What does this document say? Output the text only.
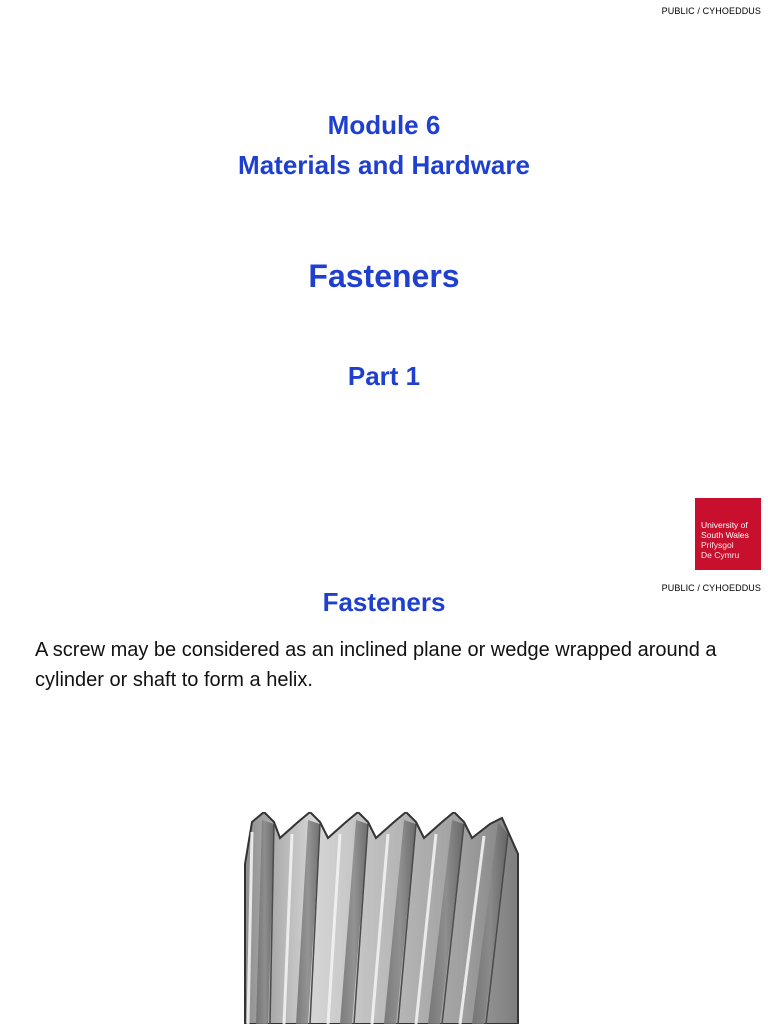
PUBLIC / CYHOEDDUS
Module 6
Materials and Hardware
Fasteners
Part 1
University of
South Wales
Prifysgol
De Cymru
PUBLIC / CYHOEDDUS
Fasteners
A screw may be considered as an inclined plane or wedge wrapped around a cylinder or shaft to form a helix.
